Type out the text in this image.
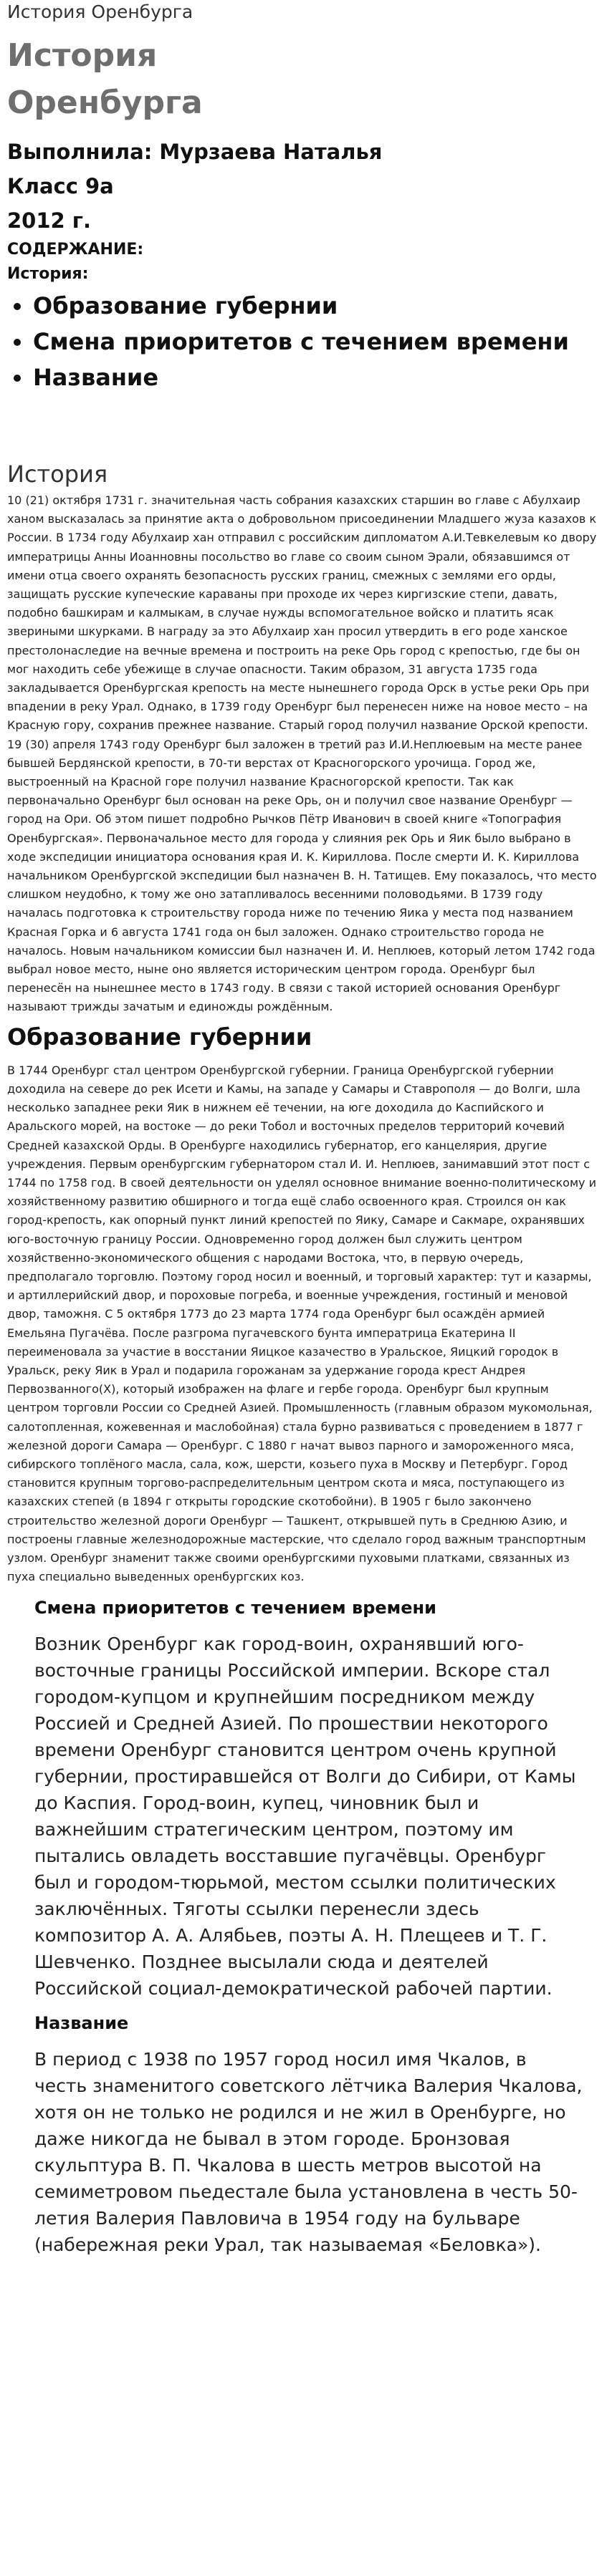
История Оренбурга
История
Оренбурга
Выполнила: Мурзаева Наталья
Класс 9а
2012 г.
СОДЕРЖАНИЕ:
История:
• Образование губернии
• Смена приоритетов с течением времени
• Название
История

10 (21) октября 1731 г. значительная часть собрания казахских старшин во главе с Абулхаир ханом высказалась за принятие акта о добровольном присоединении Младшего жуза казахов к России. В 1734 году Абулхаир хан отправил с российским дипломатом А.И.Тевкелевым ко двору императрицы Анны Иоанновны посольство во главе со своим сыном Эрали, обязавшимся от имени отца своего охранять безопасность русских границ, смежных с землями его орды, защищать русские купеческие караваны при проходе их через киргизские степи, давать, подобно башкирам и калмыкам, в случае нужды вспомогательное войско и платить ясак звериными шкурками. В награду за это Абулхаир хан просил утвердить в его роде ханское престолонаследие на вечные времена и построить на реке Орь город с крепостью, где бы он мог находить себе убежище в случае опасности. Таким образом, 31 августа 1735 года закладывается Оренбургская крепость на месте нынешнего города Орск в устье реки Орь при впадении в реку Урал. Однако, в 1739 году Оренбург был перенесен ниже на новое место – на Красную гору, сохранив прежнее название. Старый город получил название Орской крепости. 19 (30) апреля 1743 году Оренбург был заложен в третий раз И.И.Неплюевым на месте ранее бывшей Бердянской крепости, в 70-ти верстах от Красногорского урочища. Город же, выстроенный на Красной горе получил название Красногорской крепости. Так как первоначально Оренбург был основан на реке Орь, он и получил свое название Оренбург — город на Ори. Об этом пишет подробно Рычков Пётр Иванович в своей книге «Топография Оренбургская». Первоначальное место для города у слияния рек Орь и Яик было выбрано в ходе экспедиции инициатора основания края И. К. Кириллова. После смерти И. К. Кириллова начальником Оренбургской экспедиции был назначен В. Н. Татищев. Ему показалось, что место слишком неудобно, к тому же оно затапливалось весенними половодьями. В 1739 году началась подготовка к строительству города ниже по течению Яика у места под названием Красная Горка и 6 августа 1741 года он был заложен. Однако строительство города не началось. Новым начальником комиссии был назначен И. И. Неплюев, который летом 1742 года выбрал новое место, ныне оно является историческим центром города. Оренбург был перенесён на нынешнее место в 1743 году. В связи с такой историей основания Оренбург называют трижды зачатым и единожды рождённым.

Образование губернии

В 1744 Оренбург стал центром Оренбургской губернии. Граница Оренбургской губернии доходила на севере до рек Исети и Камы, на западе у Самары и Ставрополя — до Волги, шла несколько западнее реки Яик в нижнем её течении, на юге доходила до Каспийского и Аральского морей, на востоке — до реки Тобол и восточных пределов территорий кочевий Средней казахской Орды. В Оренбурге находились губернатор, его канцелярия, другие учреждения. Первым оренбургским губернатором стал И. И. Неплюев, занимавший этот пост с 1744 по 1758 год. В своей деятельности он уделял основное внимание военно-политическому и хозяйственному развитию обширного и тогда ещё слабо освоенного края. Строился он как город-крепость, как опорный пункт линий крепостей по Яику, Самаре и Сакмаре, охранявших юго-восточную границу России. Одновременно город должен был служить центром хозяйственно-экономического общения с народами Востока, что, в первую очередь, предполагало торговлю. Поэтому город носил и военный, и торговый характер: тут и казармы, и артиллерийский двор, и пороховые погреба, и военные учреждения, гостиный и меновой двор, таможня. С 5 октября 1773 до 23 марта 1774 года Оренбург был осаждён армией Емельяна Пугачёва. После разгрома пугачевского бунта императрица Екатерина II переименовала за участие в восстании Яицкое казачество в Уральское, Яицкий городок в Уральск, реку Яик в Урал и подарила горожанам за удержание города крест Андрея Первозванного(Х), который изображен на флаге и гербе города. Оренбург был крупным центром торговли России со Средней Азией. Промышленность (главным образом мукомольная, салотопленная, кожевенная и маслобойная) стала бурно развиваться с проведением в 1877 г железной дороги Самара — Оренбург. С 1880 г начат вывоз парного и замороженного мяса, сибирского топлёного масла, сала, кож, шерсти, козьего пуха в Москву и Петербург. Город становится крупным торгово-распределительным центром скота и мяса, поступающего из казахских степей (в 1894 г открыты городские скотобойни). В 1905 г было закончено строительство железной дороги Оренбург — Ташкент, открывшей путь в Среднюю Азию, и построены главные железнодорожные мастерские, что сделало город важным транспортным узлом. Оренбург знаменит также своими оренбургскими пуховыми платками, связанных из пуха специально выведенных оренбургских коз.

Смена приоритетов с течением времени

Возник Оренбург как город-воин, охранявший юго-восточные границы Российской империи. Вскоре стал городом-купцом и крупнейшим посредником между Россией и Средней Азией. По прошествии некоторого времени Оренбург становится центром очень крупной губернии, простиравшейся от Волги до Сибири, от Камы до Каспия. Город-воин, купец, чиновник был и важнейшим стратегическим центром, поэтому им пытались овладеть восставшие пугачёвцы. Оренбург был и городом-тюрьмой, местом ссылки политических заключённых. Тяготы ссылки перенесли здесь композитор А. А. Алябьев, поэты А. Н. Плещеев и Т. Г. Шевченко. Позднее высылали сюда и деятелей Российской социал-демократической рабочей партии.

Название

В период с 1938 по 1957 город носил имя Чкалов, в честь знаменитого советского лётчика Валерия Чкалова, хотя он не только не родился и не жил в Оренбурге, но даже никогда не бывал в этом городе. Бронзовая скульптура В. П. Чкалова в шесть метров высотой на семиметровом пьедестале была установлена в честь 50-летия Валерия Павловича в 1954 году на бульваре (набережная реки Урал, так называемая «Беловка»).
